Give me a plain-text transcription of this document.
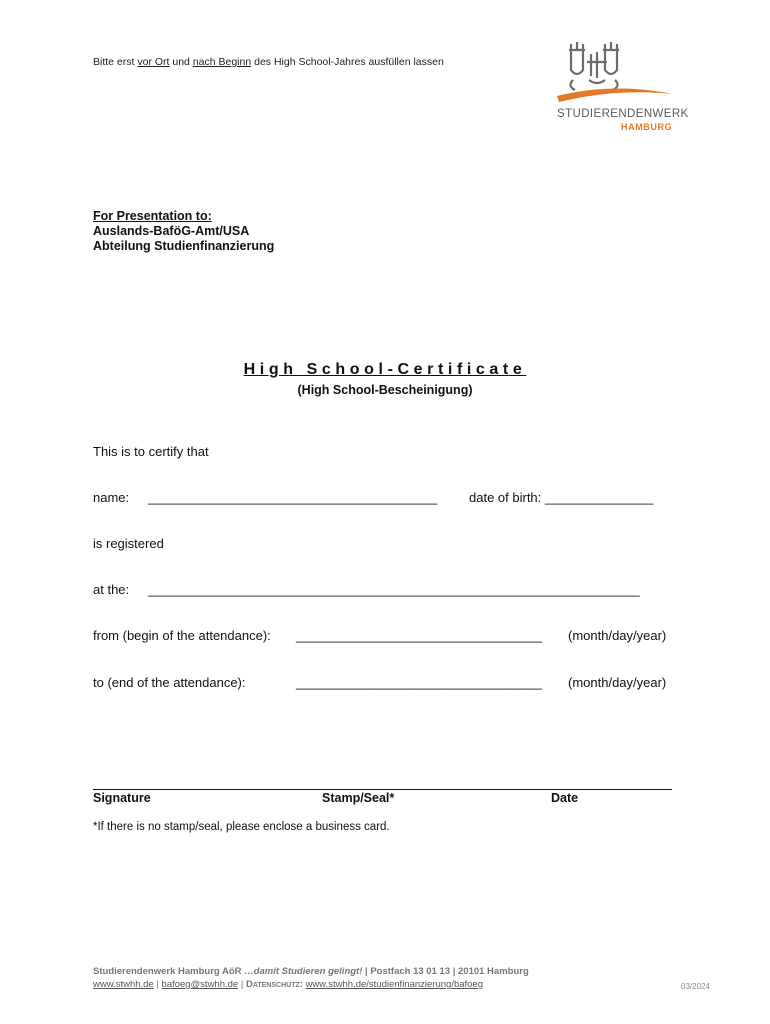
Bitte erst vor Ort und nach Beginn des High School-Jahres ausfüllen lassen
STUDIERENDENWERK
HAMBURG
For Presentation to:
Auslands-BaföG-Amt/USA
Abteilung Studienfinanzierung
High School-Certificate
(High School-Bescheinigung)
This is to certify that
name: ________________________________________ date of birth: _______________
is registered
at the: ____________________________________________________________________
from (begin of the attendance): __________________________________ (month/day/year)
to (end of the attendance):	__________________________________ (month/day/year)
Signature	Stamp/Seal*	Date
*If there is no stamp/seal, please enclose a business card.
Studierendenwerk Hamburg AöR …damit Studieren gelingt! | Postfach 13 01 13 | 20101 Hamburg
www.stwhh.de | bafoeg@stwhh.de | Datenschutz: www.stwhh.de/studienfinanzierung/bafoeg	03/2024
